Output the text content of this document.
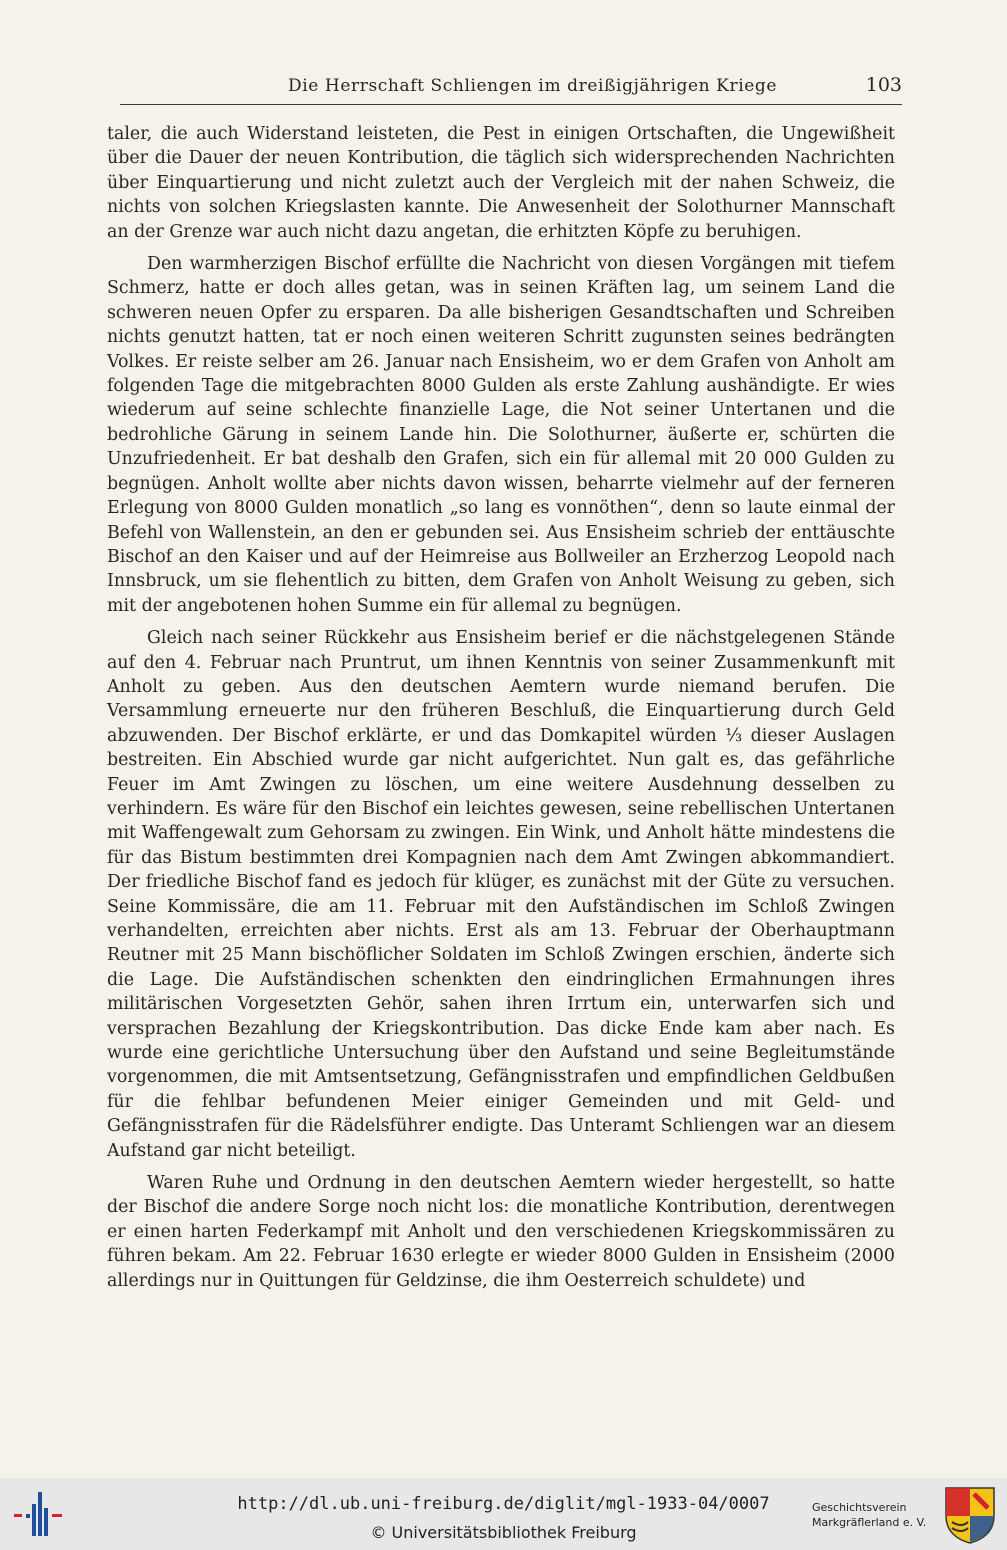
Die Herrschaft Schliengen im dreißigjährigen Kriege	103

taler, die auch Widerstand leisteten, die Pest in einigen Ortschaften, die Ungewißheit über die Dauer der neuen Kontribution, die täglich sich widersprechenden Nachrichten über Einquartierung und nicht zuletzt auch der Vergleich mit der nahen Schweiz, die nichts von solchen Kriegslasten kannte. Die Anwesenheit der Solothurner Mannschaft an der Grenze war auch nicht dazu angetan, die erhitzten Köpfe zu beruhigen.

Den warmherzigen Bischof erfüllte die Nachricht von diesen Vorgängen mit tiefem Schmerz, hatte er doch alles getan, was in seinen Kräften lag, um seinem Land die schweren neuen Opfer zu ersparen. Da alle bisherigen Gesandtschaften und Schreiben nichts genutzt hatten, tat er noch einen weiteren Schritt zugunsten seines bedrängten Volkes. Er reiste selber am 26. Januar nach Ensisheim, wo er dem Grafen von Anholt am folgenden Tage die mitgebrachten 8000 Gulden als erste Zahlung aushändigte. Er wies wiederum auf seine schlechte finanzielle Lage, die Not seiner Untertanen und die bedrohliche Gärung in seinem Lande hin. Die Solothurner, äußerte er, schürten die Unzufriedenheit. Er bat deshalb den Grafen, sich ein für allemal mit 20 000 Gulden zu begnügen. Anholt wollte aber nichts davon wissen, beharrte vielmehr auf der ferneren Erlegung von 8000 Gulden monatlich „so lang es vonnöthen“, denn so laute einmal der Befehl von Wallenstein, an den er gebunden sei. Aus Ensisheim schrieb der enttäuschte Bischof an den Kaiser und auf der Heimreise aus Bollweiler an Erzherzog Leopold nach Innsbruck, um sie flehentlich zu bitten, dem Grafen von Anholt Weisung zu geben, sich mit der angebotenen hohen Summe ein für allemal zu begnügen.

Gleich nach seiner Rückkehr aus Ensisheim berief er die nächstgelegenen Stände auf den 4. Februar nach Pruntrut, um ihnen Kenntnis von seiner Zusammenkunft mit Anholt zu geben. Aus den deutschen Aemtern wurde niemand berufen. Die Versammlung erneuerte nur den früheren Beschluß, die Einquartierung durch Geld abzuwenden. Der Bischof erklärte, er und das Domkapitel würden ⅓ dieser Auslagen bestreiten. Ein Abschied wurde gar nicht aufgerichtet. Nun galt es, das gefährliche Feuer im Amt Zwingen zu löschen, um eine weitere Ausdehnung desselben zu verhindern. Es wäre für den Bischof ein leichtes gewesen, seine rebellischen Untertanen mit Waffengewalt zum Gehorsam zu zwingen. Ein Wink, und Anholt hätte mindestens die für das Bistum bestimmten drei Kompagnien nach dem Amt Zwingen abkommandiert. Der friedliche Bischof fand es jedoch für klüger, es zunächst mit der Güte zu versuchen. Seine Kommissäre, die am 11. Februar mit den Aufständischen im Schloß Zwingen verhandelten, erreichten aber nichts. Erst als am 13. Februar der Oberhauptmann Reutner mit 25 Mann bischöflicher Soldaten im Schloß Zwingen erschien, änderte sich die Lage. Die Aufständischen schenkten den eindringlichen Ermahnungen ihres militärischen Vorgesetzten Gehör, sahen ihren Irrtum ein, unterwarfen sich und versprachen Bezahlung der Kriegskontribution. Das dicke Ende kam aber nach. Es wurde eine gerichtliche Untersuchung über den Aufstand und seine Begleitumstände vorgenommen, die mit Amtsentsetzung, Gefängnisstrafen und empfindlichen Geldbußen für die fehlbar befundenen Meier einiger Gemeinden und mit Geld- und Gefängnisstrafen für die Rädelsführer endigte. Das Unteramt Schliengen war an diesem Aufstand gar nicht beteiligt.

Waren Ruhe und Ordnung in den deutschen Aemtern wieder hergestellt, so hatte der Bischof die andere Sorge noch nicht los: die monatliche Kontribution, derentwegen er einen harten Federkampf mit Anholt und den verschiedenen Kriegskommissären zu führen bekam. Am 22. Februar 1630 erlegte er wieder 8000 Gulden in Ensisheim (2000 allerdings nur in Quittungen für Geldzinse, die ihm Oesterreich schuldete) und

http://dl.ub.uni-freiburg.de/diglit/mgl-1933-04/0007
© Universitätsbibliothek Freiburg
Geschichtsverein
Markgräflerland e. V.
